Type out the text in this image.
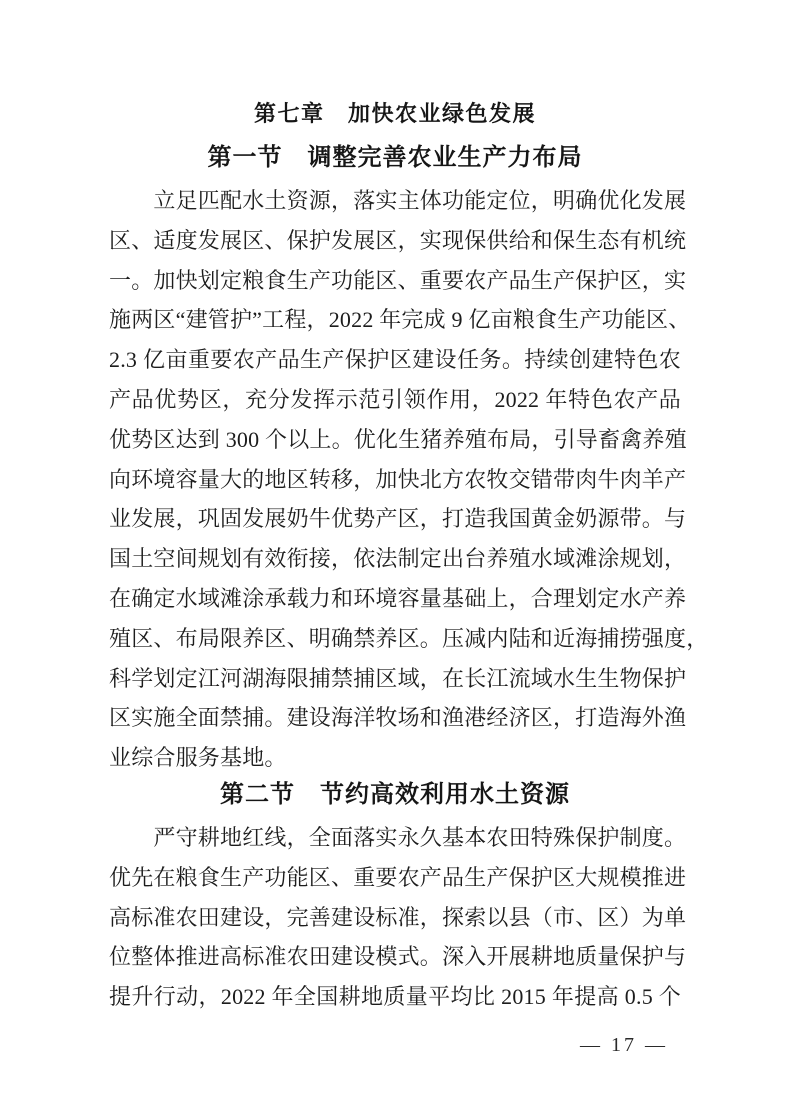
第七章　加快农业绿色发展
第一节　调整完善农业生产力布局
　　立足匹配水土资源，落实主体功能定位，明确优化发展
区、适度发展区、保护发展区，实现保供给和保生态有机统
一。加快划定粮食生产功能区、重要农产品生产保护区，实
施两区“建管护”工程，2022 年完成 9 亿亩粮食生产功能区、
2.3 亿亩重要农产品生产保护区建设任务。持续创建特色农
产品优势区，充分发挥示范引领作用，2022 年特色农产品
优势区达到 300 个以上。优化生猪养殖布局，引导畜禽养殖
向环境容量大的地区转移，加快北方农牧交错带肉牛肉羊产
业发展，巩固发展奶牛优势产区，打造我国黄金奶源带。与
国土空间规划有效衔接，依法制定出台养殖水域滩涂规划，
在确定水域滩涂承载力和环境容量基础上，合理划定水产养
殖区、布局限养区、明确禁养区。压减内陆和近海捕捞强度，
科学划定江河湖海限捕禁捕区域，在长江流域水生生物保护
区实施全面禁捕。建设海洋牧场和渔港经济区，打造海外渔
业综合服务基地。
第二节　节约高效利用水土资源
　　严守耕地红线，全面落实永久基本农田特殊保护制度。
优先在粮食生产功能区、重要农产品生产保护区大规模推进
高标准农田建设，完善建设标准，探索以县（市、区）为单
位整体推进高标准农田建设模式。深入开展耕地质量保护与
提升行动，2022 年全国耕地质量平均比 2015 年提高 0.5 个
— 17 —
